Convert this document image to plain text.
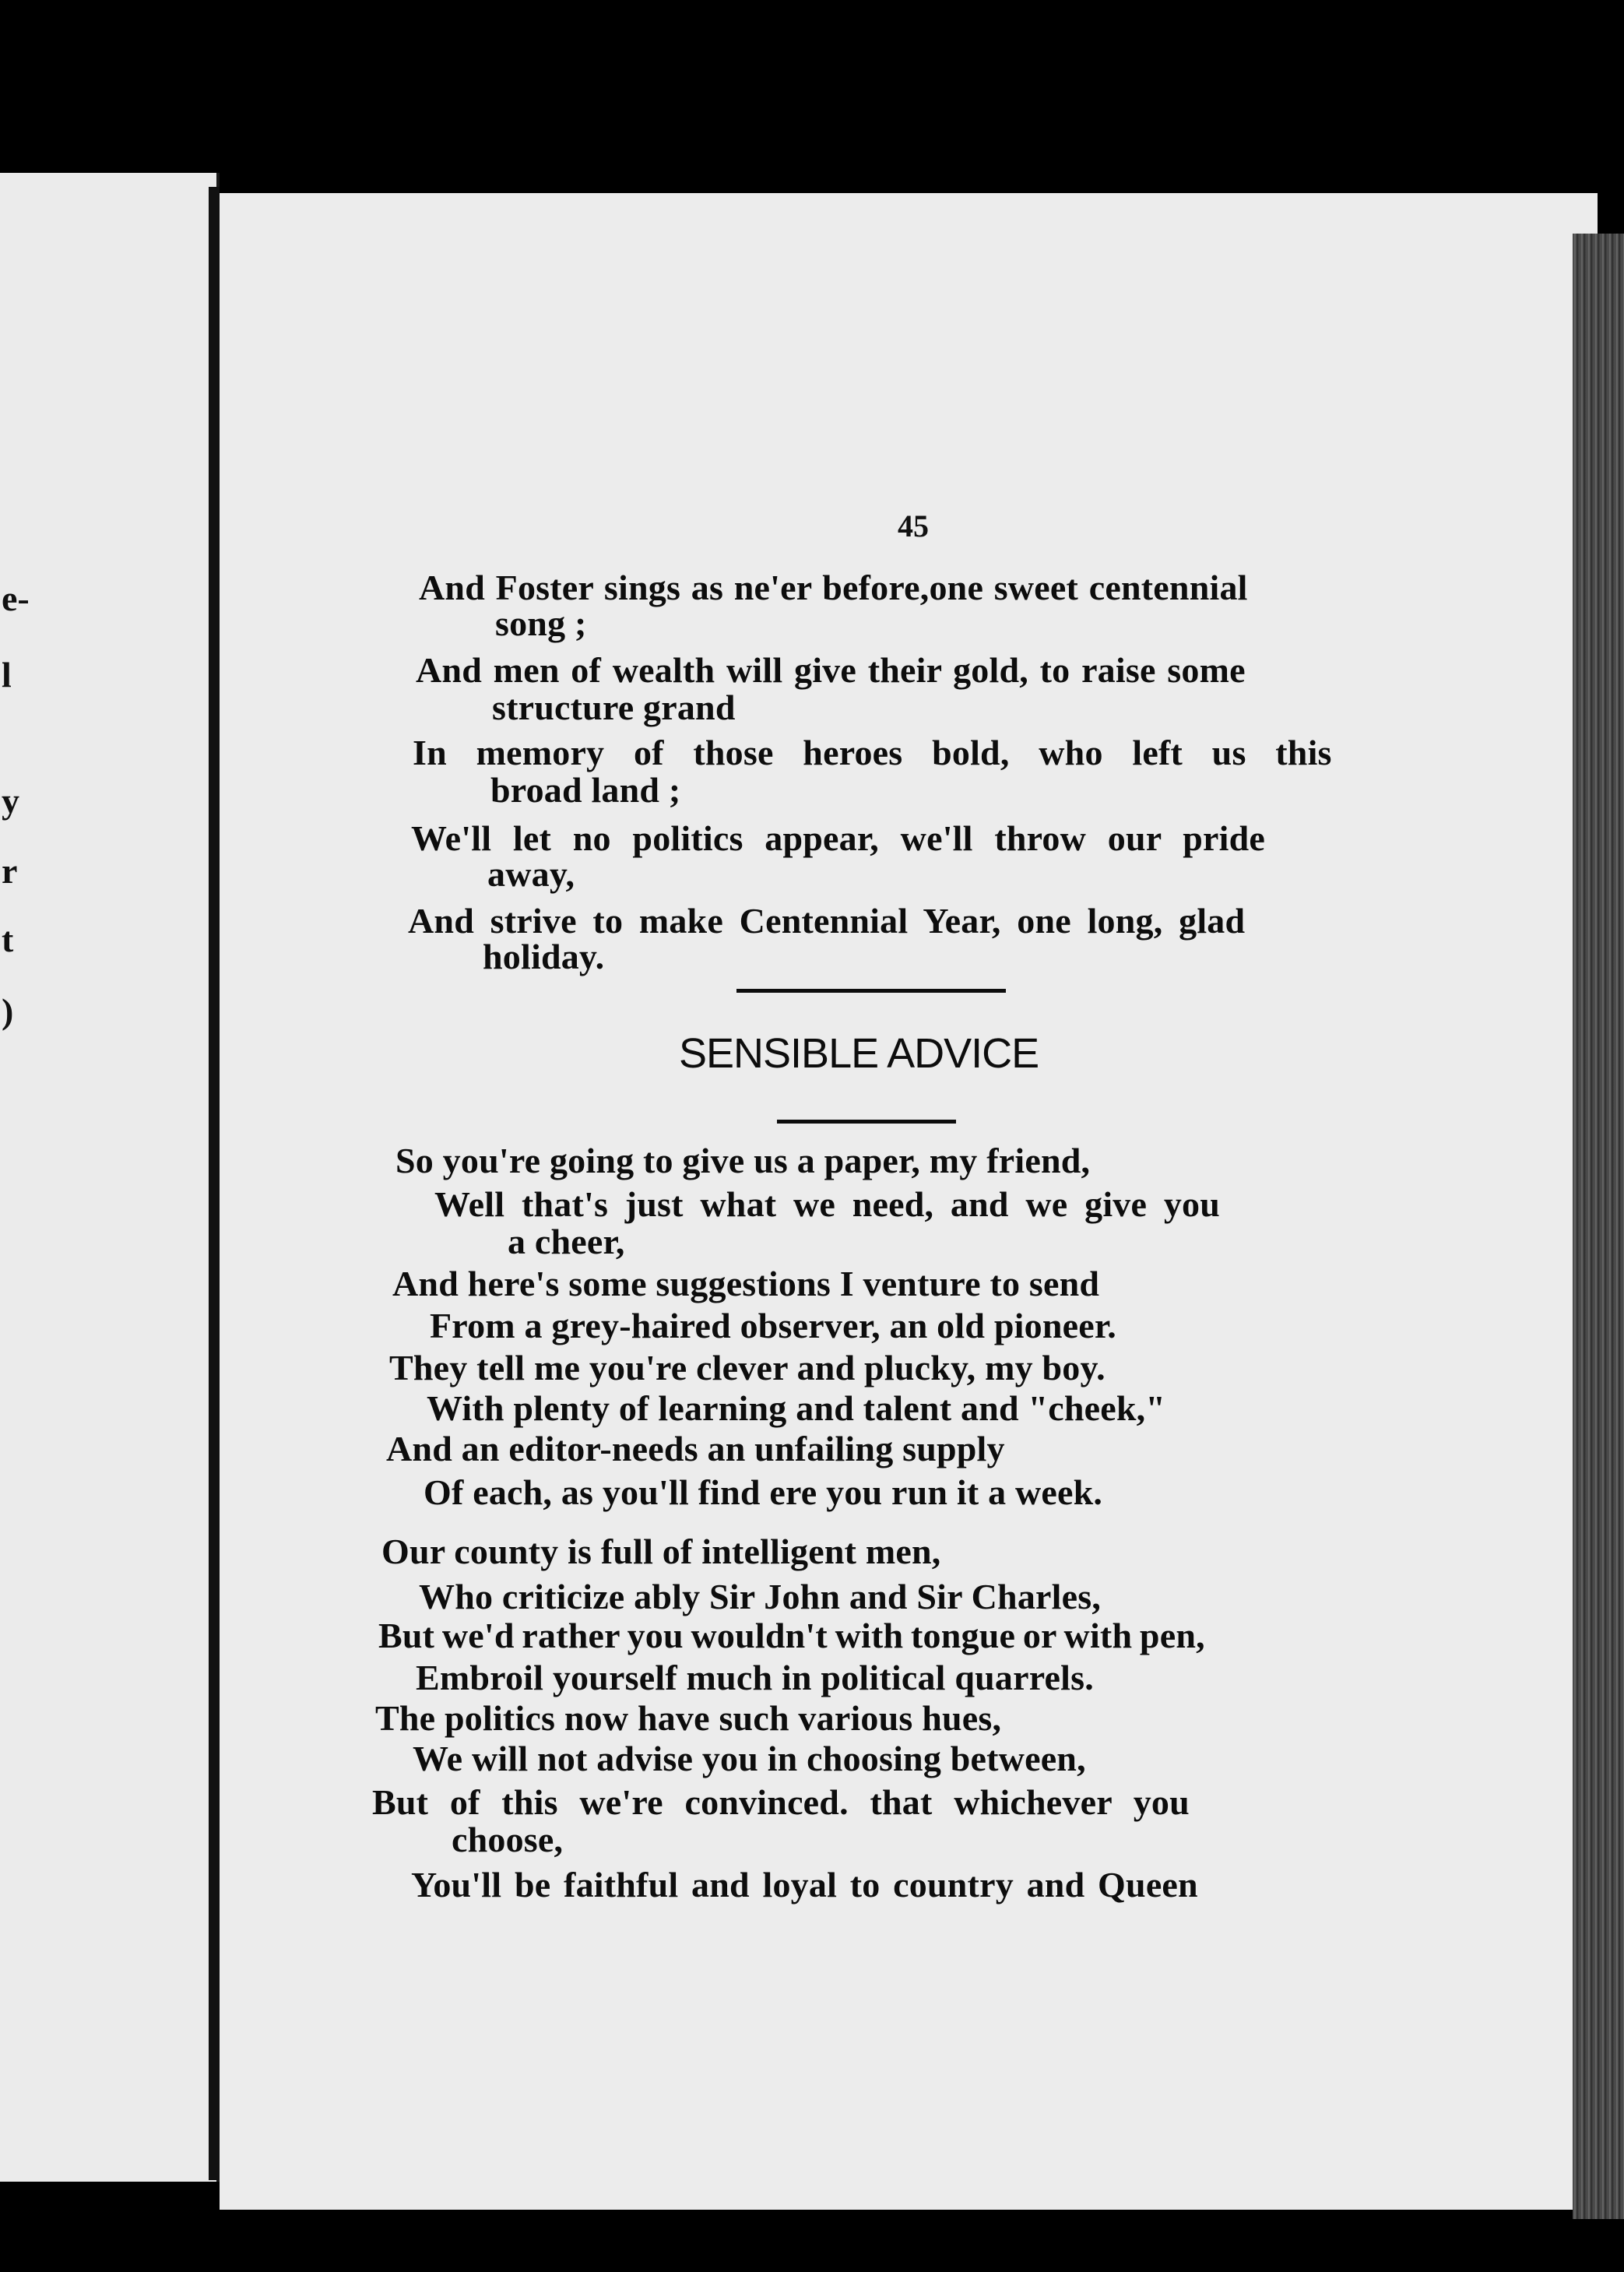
e-
l
y
r
t
)
45
And Foster sings as ne'er before,one sweet centennial
song ;
And men of wealth will give their gold, to raise some
structure grand
In memory of those heroes bold, who left us this
broad land ;
We'll let no politics appear, we'll throw our pride
away,
And strive to make Centennial Year, one long, glad
holiday.
SENSIBLE ADVICE
So you're going to give us a paper, my friend,
Well that's just what we need, and we give you
a cheer,
And here's some suggestions I venture to send
From a grey-haired observer, an old pioneer.
They tell me you're clever and plucky, my boy.
With plenty of learning and talent and "cheek,"
And an editor-needs an unfailing supply
Of each, as you'll find ere you run it a week.
Our county is full of intelligent men,
Who criticize ably Sir John and Sir Charles,
But we'd rather you wouldn't with tongue or with pen,
Embroil yourself much in political quarrels.
The politics now have such various hues,
We will not advise you in choosing between,
But of this we're convinced. that whichever you
choose,
You'll be faithful and loyal to country and Queen
